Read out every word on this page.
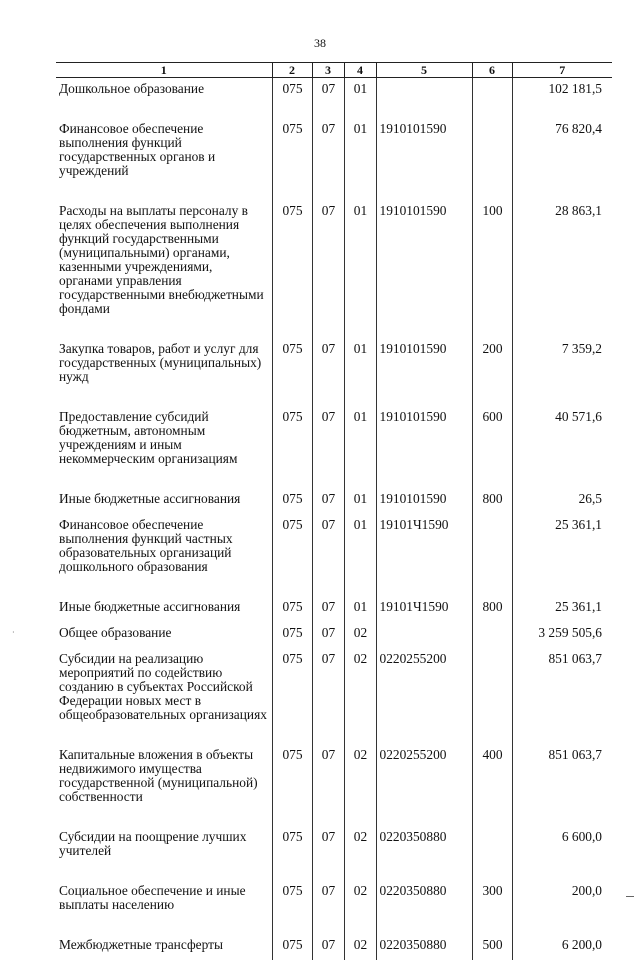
38
1	2	3	4	5	6	7
Дошкольное образование	075	07	01			102 181,5
Финансовое обеспечение выполнения функций государственных органов и учреждений	075	07	01	1910101590		76 820,4
Расходы на выплаты персоналу в целях обеспечения выполнения функций государственными (муниципальными) органами, казенными учреждениями, органами управления государственными внебюджетными фондами	075	07	01	1910101590	100	28 863,1
Закупка товаров, работ и услуг для государственных (муниципальных) нужд	075	07	01	1910101590	200	7 359,2
Предоставление субсидий бюджетным, автономным учреждениям и иным некоммерческим организациям	075	07	01	1910101590	600	40 571,6
Иные бюджетные ассигнования	075	07	01	1910101590	800	26,5
Финансовое обеспечение выполнения функций частных образовательных организаций дошкольного образования	075	07	01	19101Ч1590		25 361,1
Иные бюджетные ассигнования	075	07	01	19101Ч1590	800	25 361,1
Общее образование	075	07	02			3 259 505,6
Субсидии на реализацию мероприятий по содействию созданию в субъектах Российской Федерации новых мест в общеобразовательных организациях	075	07	02	0220255200		851 063,7
Капитальные вложения в объекты недвижимого имущества государственной (муниципальной) собственности	075	07	02	0220255200	400	851 063,7
Субсидии на поощрение лучших учителей	075	07	02	0220350880		6 600,0
Социальное обеспечение и иные выплаты населению	075	07	02	0220350880	300	200,0
Межбюджетные трансферты	075	07	02	0220350880	500	6 200,0
·
